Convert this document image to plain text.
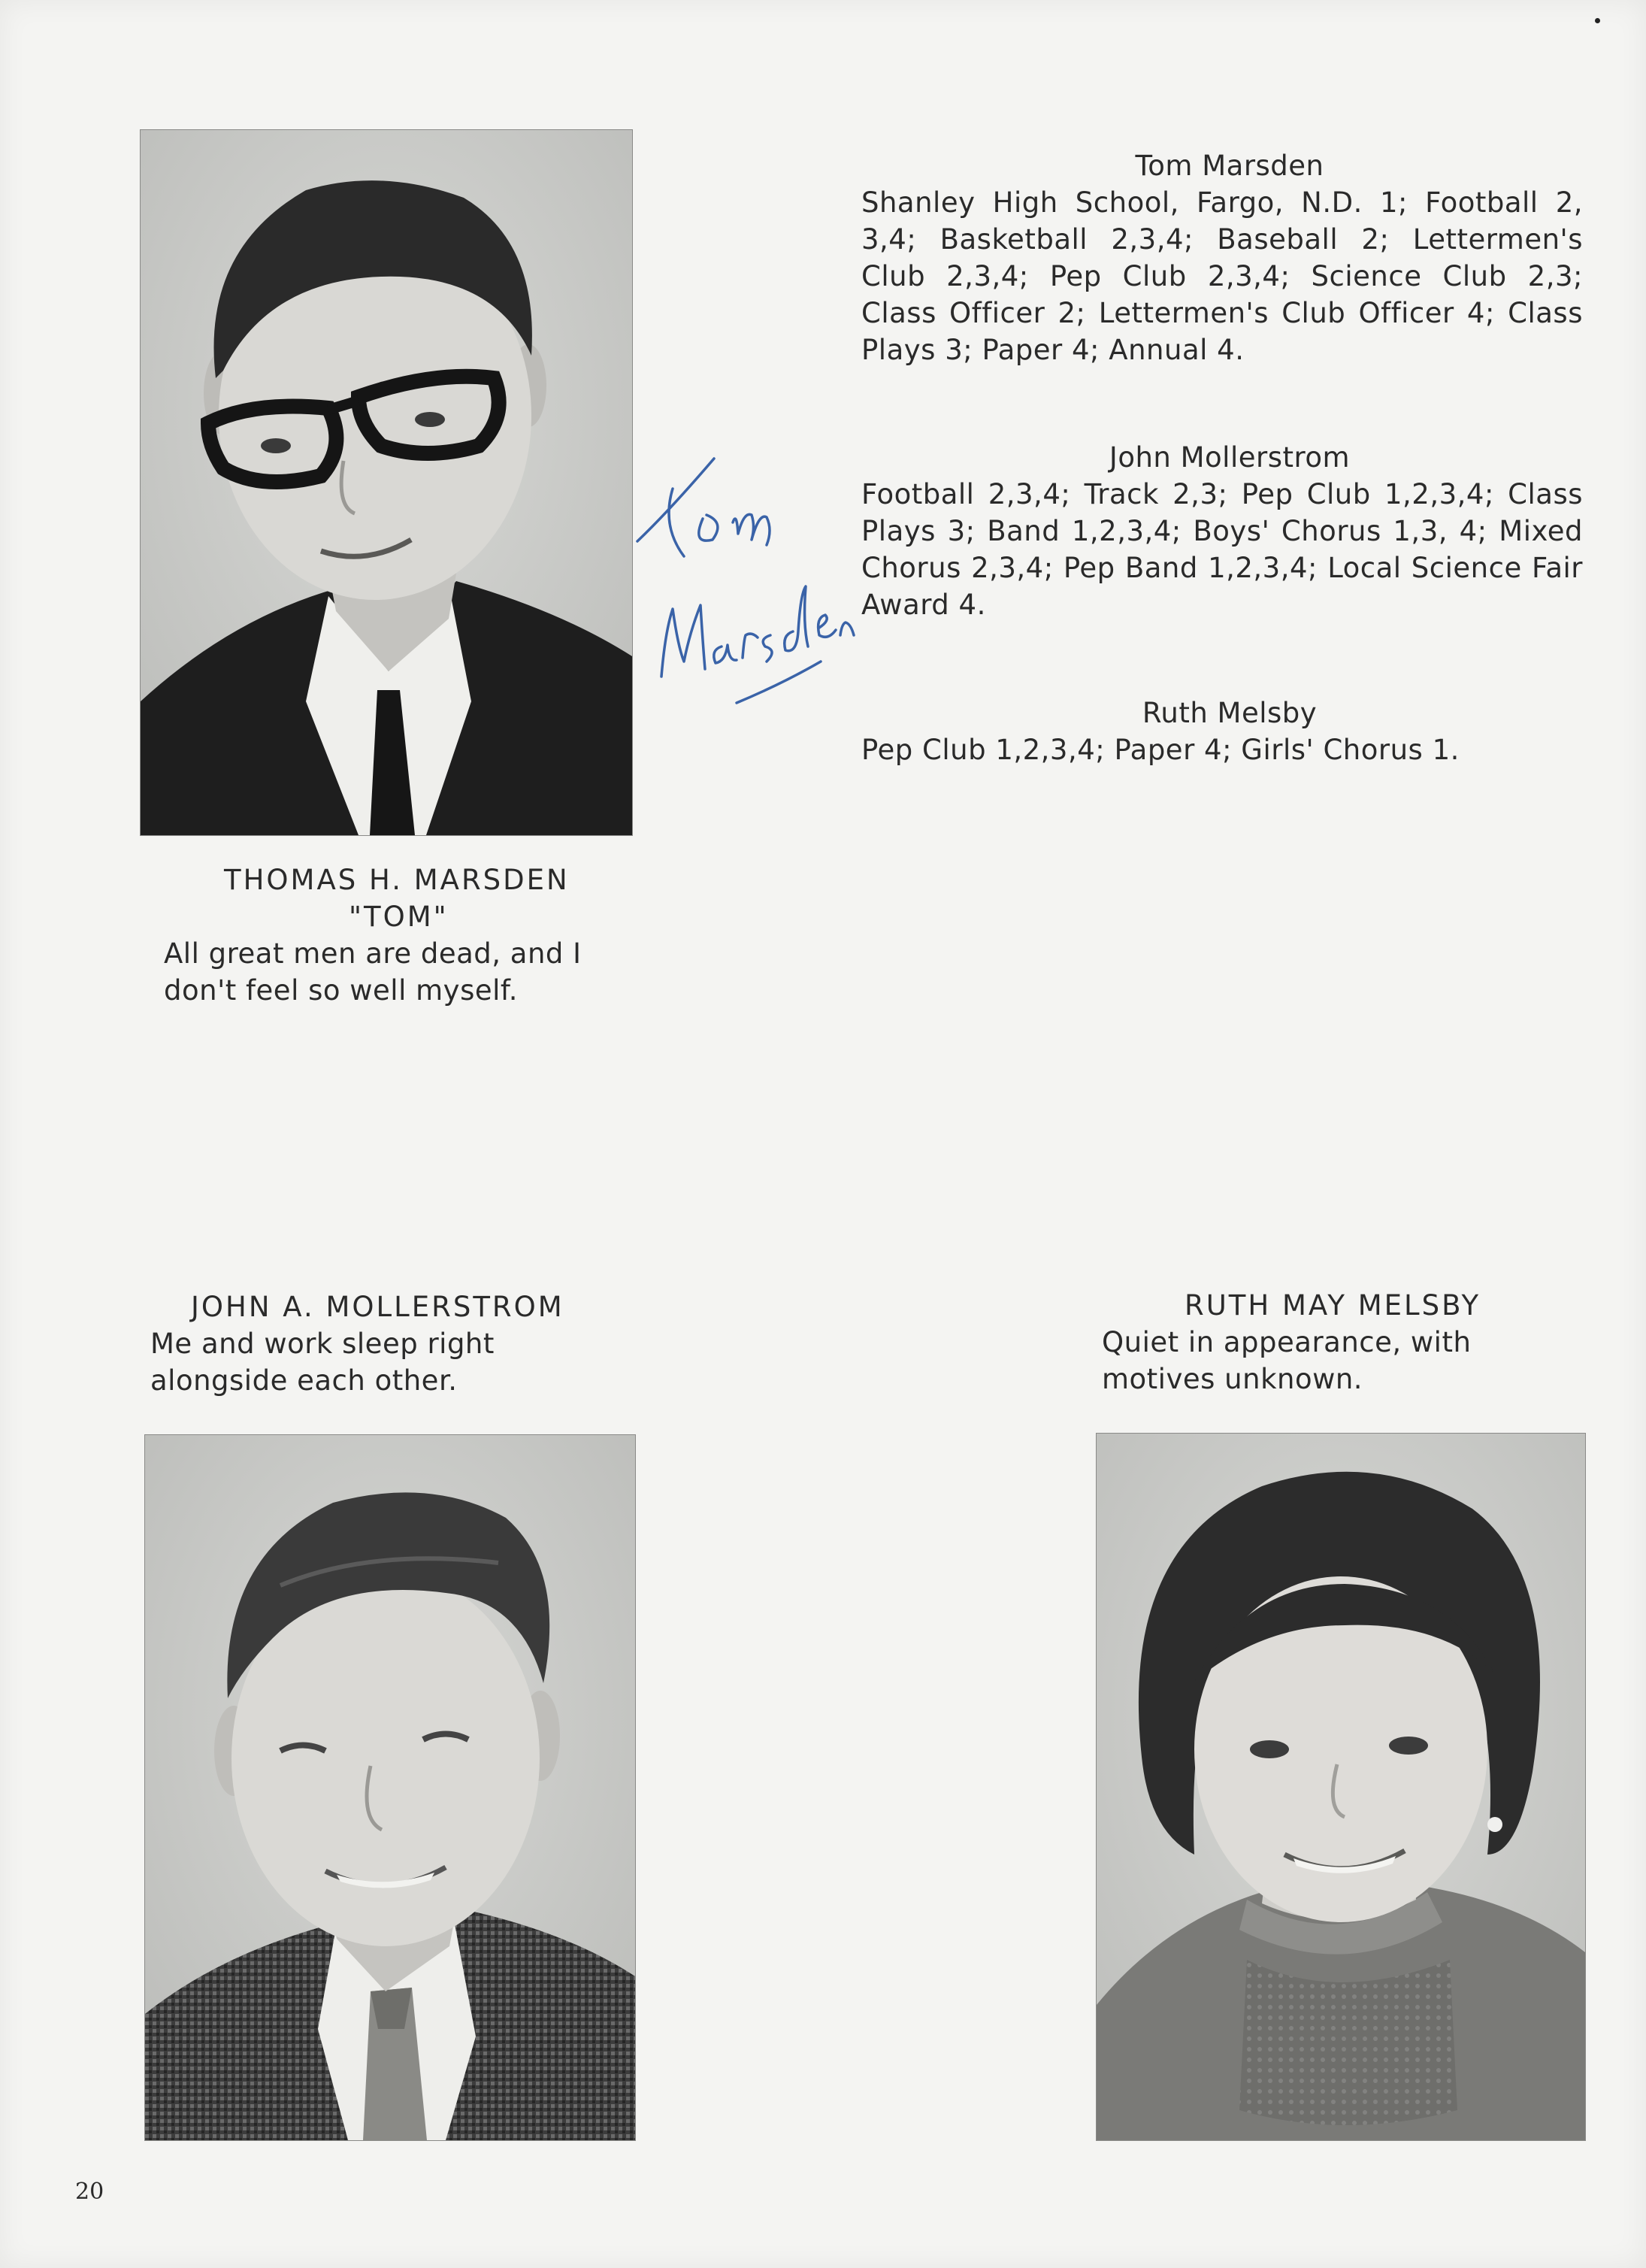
Tom Marsden
Shanley High School, Fargo, N.D. 1; Football 2, 3,4; Basketball 2,3,4; Baseball 2; Lettermen's Club 2,3,4; Pep Club 2,3,4; Science Club 2,3; Class Officer 2; Lettermen's Club Officer 4; Class Plays 3; Paper 4; Annual 4.
John Mollerstrom
Football 2,3,4; Track 2,3; Pep Club 1,2,3,4; Class Plays 3; Band 1,2,3,4; Boys' Chorus 1,3, 4; Mixed Chorus 2,3,4; Pep Band 1,2,3,4; Local Science Fair Award 4.
Ruth Melsby
Pep Club 1,2,3,4; Paper 4; Girls' Chorus 1.
THOMAS H. MARSDEN
"TOM"
All great men are dead, and I don't feel so well myself.
JOHN A. MOLLERSTROM
Me and work sleep right alongside each other.
RUTH MAY MELSBY
Quiet in appearance, with motives unknown.
20
